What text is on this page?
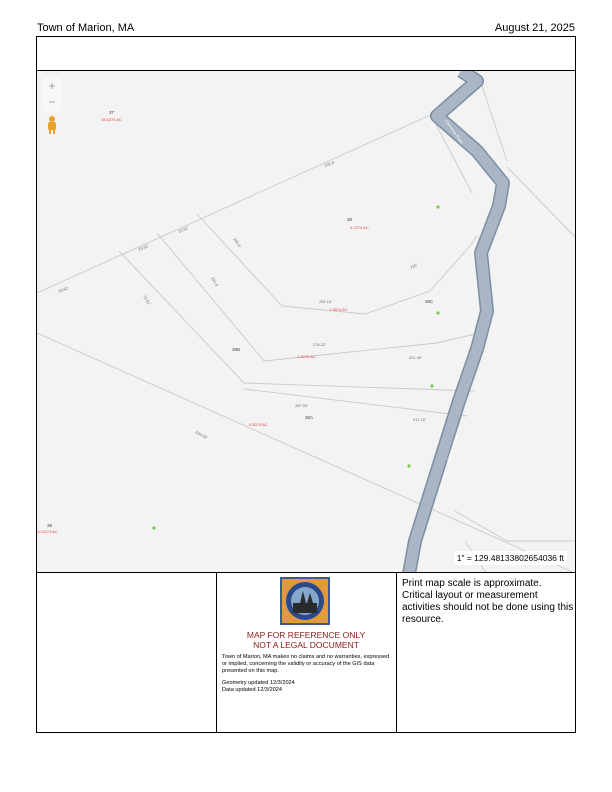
Town of Marion, MA	August 21, 2025
37
38
38C
38B
38A
39
15.6274 AC
2.7274 AC
1.3874 AC
1.4274 AC
0.8274 AC
11.5274 AC
251.14'
276.22'
221.96'
287.09'
211.78'
291.5'
245.5'
293.6'
215'
22.91'
23.91'
29.82'
224.58'
72.51'
Converse Road
Converse Road
+
−
1" = 129.48133802654036 ft
MAP FOR REFERENCE ONLY
NOT A LEGAL DOCUMENT
Town of Marion, MA makes no claims and no warranties, expressed or implied, concerning the validity or accuracy of the GIS data presented on this map.
Geometry updated 12/3/2024
Data updated 12/3/2024
Print map scale is approximate. Critical layout or measurement activities should not be done using this resource.
